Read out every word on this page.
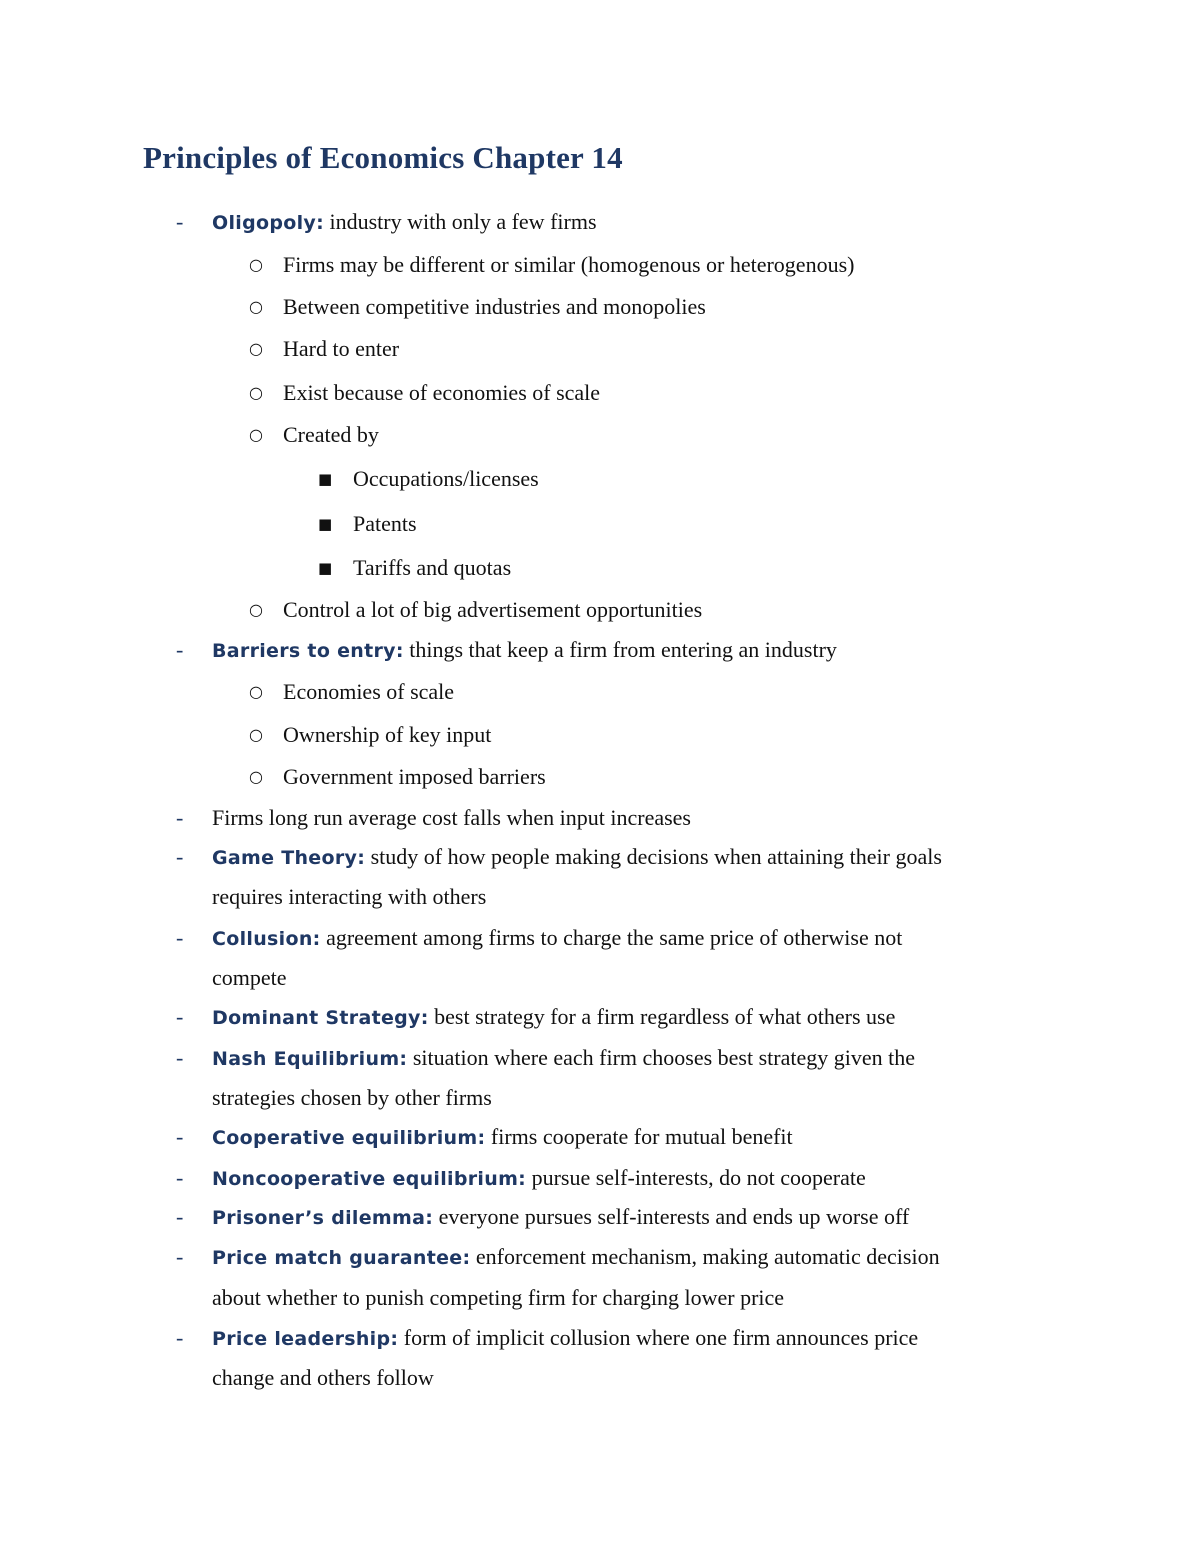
Principles of Economics Chapter 14
-	Oligopoly: industry with only a few firms
○ Firms may be different or similar (homogenous or heterogenous)
○ Between competitive industries and monopolies
○ Hard to enter
○ Exist because of economies of scale
○ Created by
■ Occupations/licenses
■ Patents
■ Tariffs and quotas
○ Control a lot of big advertisement opportunities
-	Barriers to entry: things that keep a firm from entering an industry
○ Economies of scale
○ Ownership of key input
○ Government imposed barriers
-	Firms long run average cost falls when input increases
-	Game Theory: study of how people making decisions when attaining their goals
requires interacting with others
-	Collusion: agreement among firms to charge the same price of otherwise not
compete
-	Dominant Strategy: best strategy for a firm regardless of what others use
-	Nash Equilibrium: situation where each firm chooses best strategy given the
strategies chosen by other firms
-	Cooperative equilibrium: firms cooperate for mutual benefit
-	Noncooperative equilibrium: pursue self-interests, do not cooperate
-	Prisoner’s dilemma: everyone pursues self-interests and ends up worse off
-	Price match guarantee: enforcement mechanism, making automatic decision
about whether to punish competing firm for charging lower price
-	Price leadership: form of implicit collusion where one firm announces price
change and others follow
